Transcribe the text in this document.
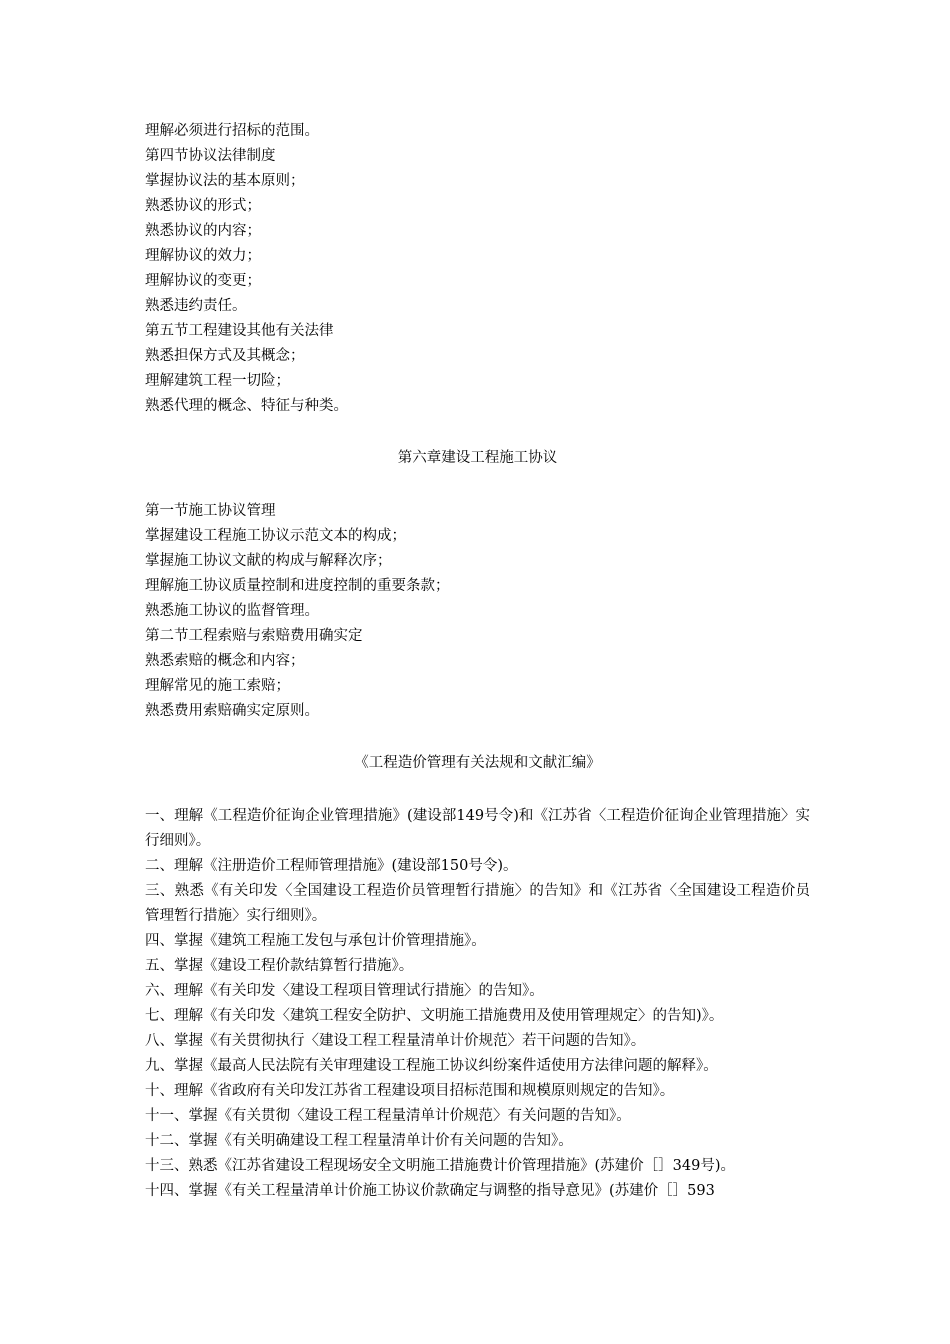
理解必须进行招标的范围。
第四节协议法律制度
掌握协议法的基本原则；
熟悉协议的形式；
熟悉协议的内容；
理解协议的效力；
理解协议的变更；
熟悉违约责任。
第五节工程建设其他有关法律
熟悉担保方式及其概念；
理解建筑工程一切险；
熟悉代理的概念、特征与种类。
第六章建设工程施工协议
第一节施工协议管理
掌握建设工程施工协议示范文本的构成；
掌握施工协议文献的构成与解释次序；
理解施工协议质量控制和进度控制的重要条款；
熟悉施工协议的监督管理。
第二节工程索赔与索赔费用确实定
熟悉索赔的概念和内容；
理解常见的施工索赔；
熟悉费用索赔确实定原则。
《工程造价管理有关法规和文献汇编》
一、理解《工程造价征询企业管理措施》(建设部149号令)和《江苏省〈工程造价征询企业管理措施〉实行细则》。
二、理解《注册造价工程师管理措施》(建设部150号令)。
三、熟悉《有关印发〈全国建设工程造价员管理暂行措施〉的告知》和《江苏省〈全国建设工程造价员管理暂行措施〉实行细则》。
四、掌握《建筑工程施工发包与承包计价管理措施》。
五、掌握《建设工程价款结算暂行措施》。
六、理解《有关印发〈建设工程项目管理试行措施〉的告知》。
七、理解《有关印发〈建筑工程安全防护、文明施工措施费用及使用管理规定〉的告知)》。
八、掌握《有关贯彻执行〈建设工程工程量清单计价规范〉若干问题的告知》。
九、掌握《最高人民法院有关审理建设工程施工协议纠纷案件适使用方法律问题的解释》。
十、理解《省政府有关印发江苏省工程建设项目招标范围和规模原则规定的告知》。
十一、掌握《有关贯彻〈建设工程工程量清单计价规范〉有关问题的告知》。
十二、掌握《有关明确建设工程工程量清单计价有关问题的告知》。
十三、熟悉《江苏省建设工程现场安全文明施工措施费计价管理措施》(苏建价［］349号)。
十四、掌握《有关工程量清单计价施工协议价款确定与调整的指导意见》(苏建价［］593
